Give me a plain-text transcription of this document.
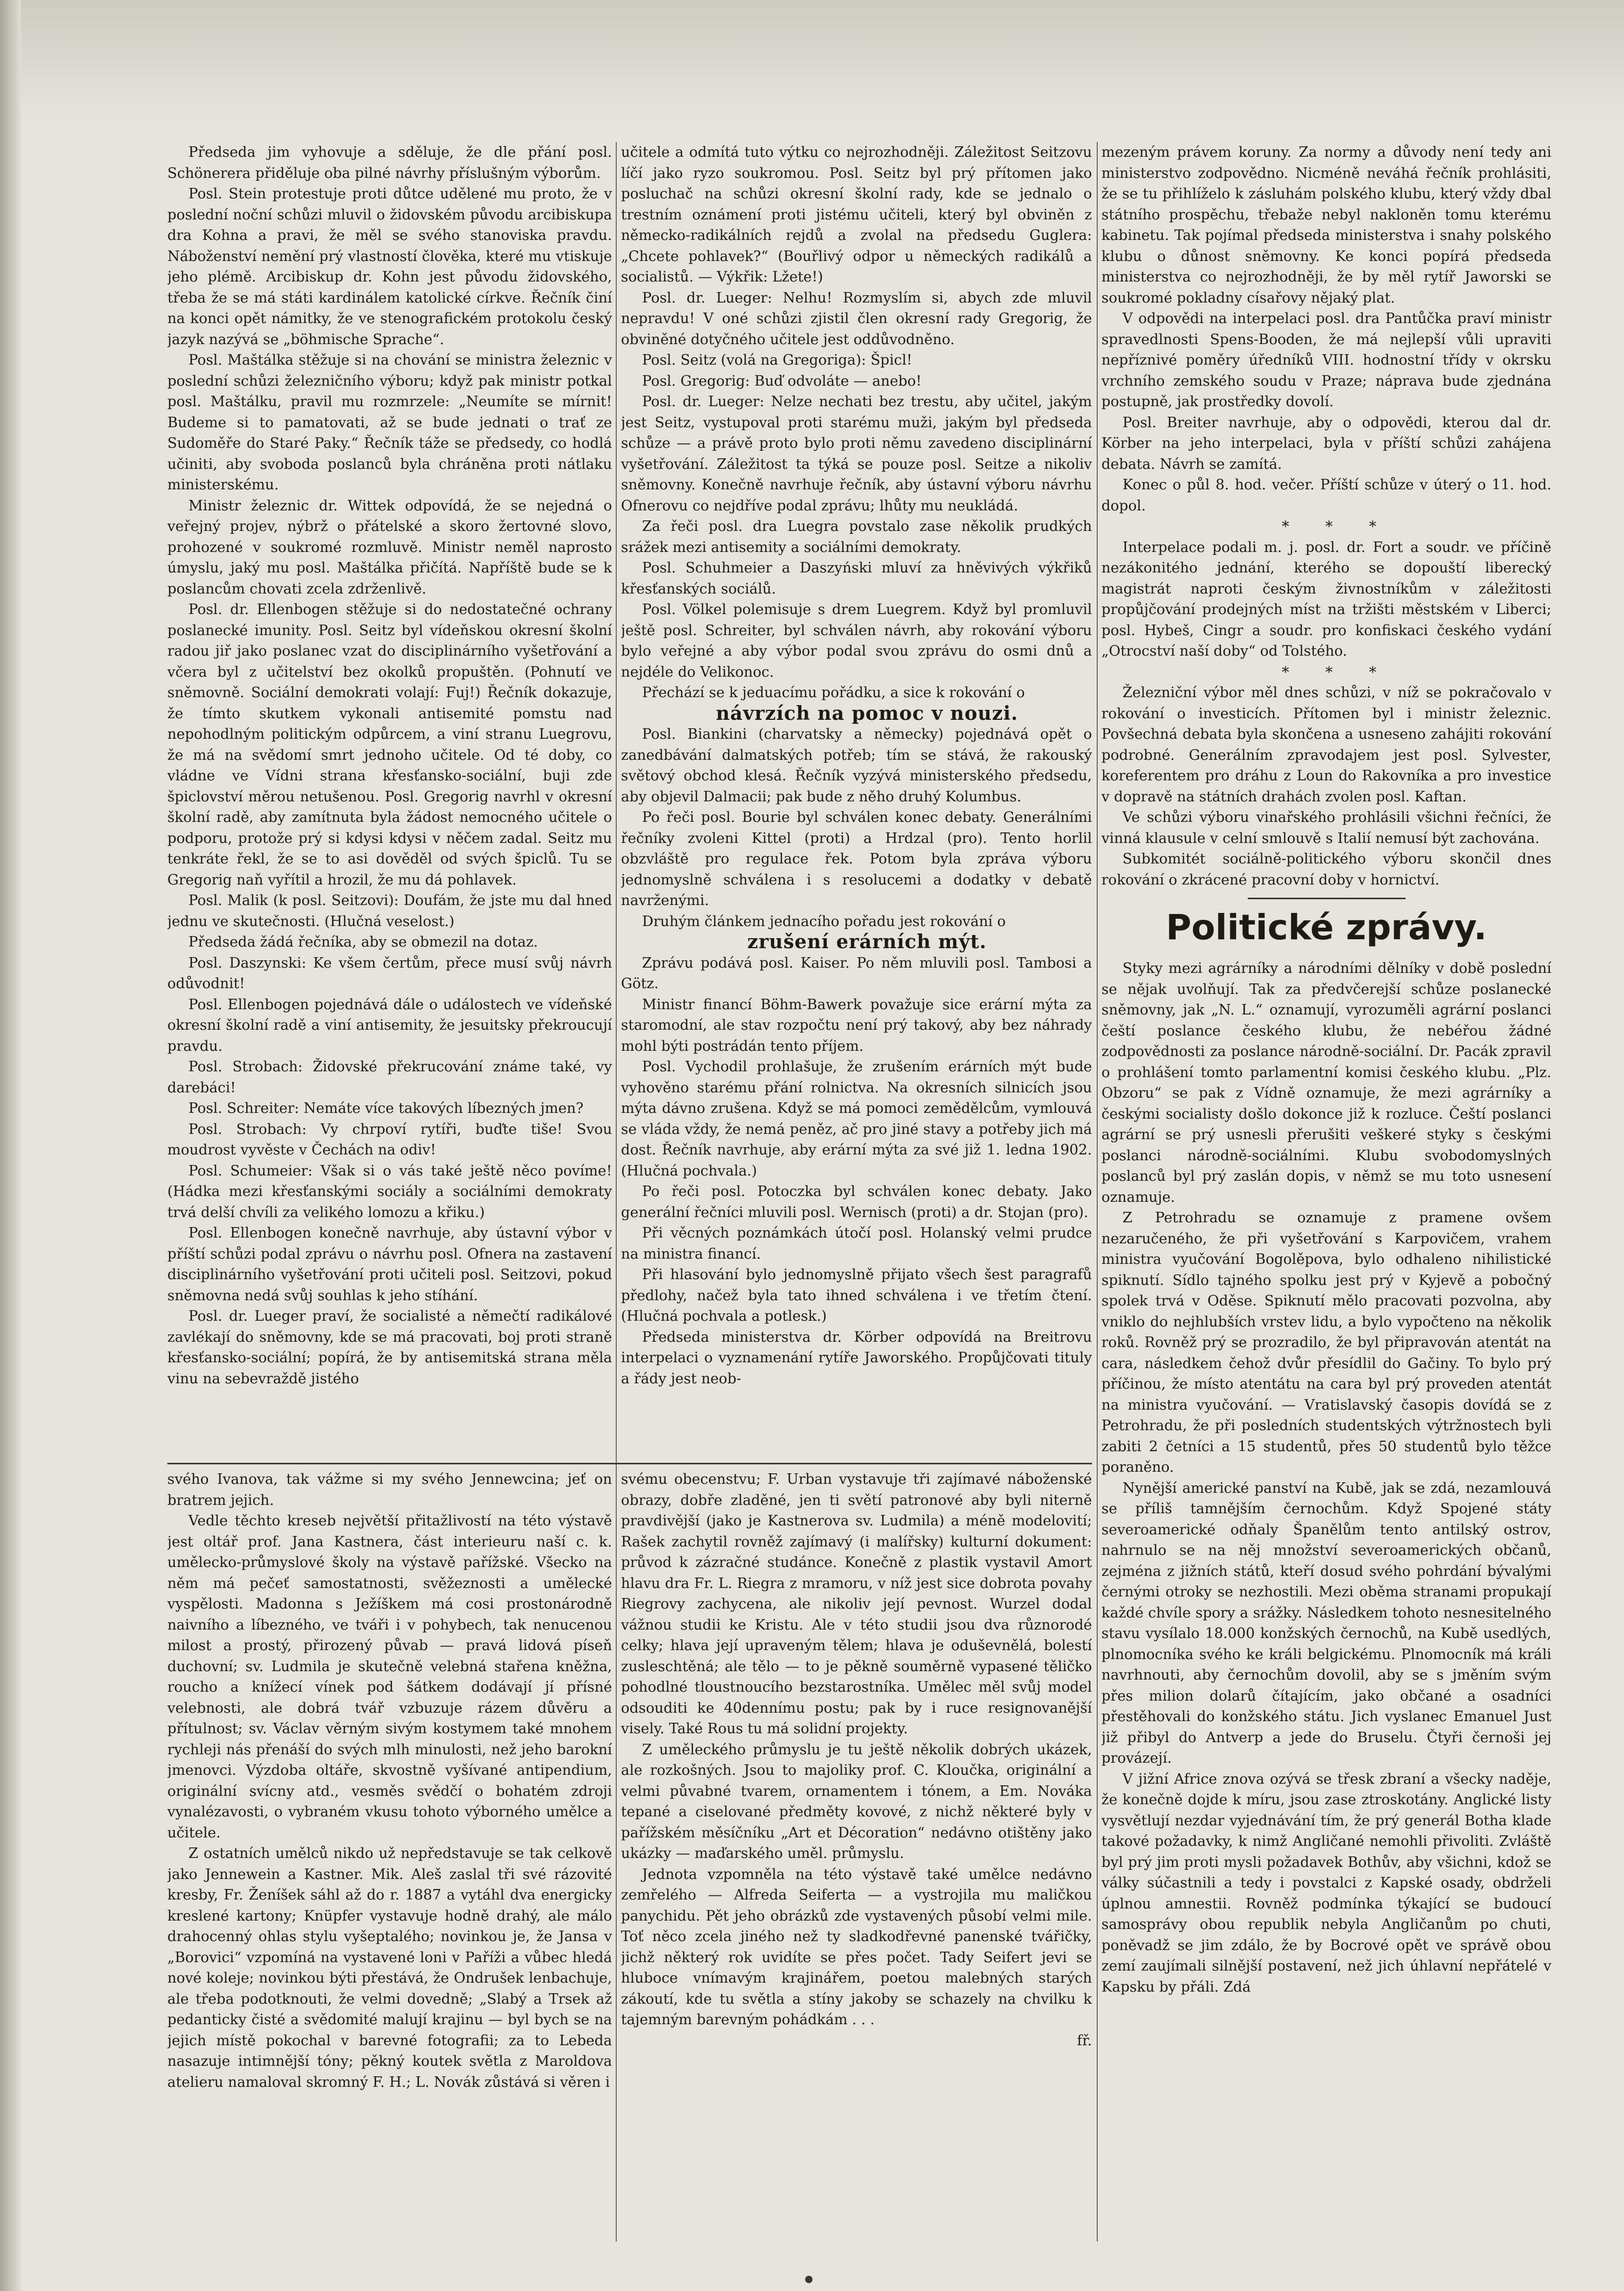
Předseda jim vyhovuje a sděluje, že dle přání posl. Schönerera přiděluje oba pilné návrhy příslušným výborům.

Posl. Stein protestuje proti důtce udělené mu proto, že v poslední noční schůzi mluvil o židovském původu arcibiskupa dra Kohna a pravi, že měl se svého stanoviska pravdu. Náboženství nemění prý vlastností člověka, které mu vtiskuje jeho plémě. Arcibiskup dr. Kohn jest původu židovského, třeba že se má státi kardinálem katolické církve. Řečník činí na konci opět námitky, že ve stenografickém protokolu český jazyk nazývá se „böhmische Sprache“.

Posl. Maštálka stěžuje si na chování se ministra železnic v poslední schůzi železničního výboru; když pak ministr potkal posl. Maštálku, pravil mu rozmrzele: „Neumíte se mírnit! Budeme si to pamatovati, až se bude jednati o trať ze Sudoměře do Staré Paky.“ Řečník táže se předsedy, co hodlá učiniti, aby svoboda poslanců byla chráněna proti nátlaku ministerskému.

Ministr železnic dr. Wittek odpovídá, že se nejedná o veřejný projev, nýbrž o přátelské a skoro žertovné slovo, prohozené v soukromé rozmluvě. Ministr neměl naprosto úmyslu, jaký mu posl. Maštálka přičítá. Napříště bude se k poslancům chovati zcela zdrženlivě.

Posl. dr. Ellenbogen stěžuje si do nedostatečné ochrany poslanecké imunity. Posl. Seitz byl vídeňskou okresní školní radou jiř jako poslanec vzat do disciplinárního vyšetřování a včera byl z učitelství bez okolků propuštěn. (Pohnutí ve sněmovně. Sociální demokrati volají: Fuj!) Řečník dokazuje, že tímto skutkem vykonali antisemité pomstu nad nepohodlným politickým odpůrcem, a viní stranu Luegrovu, že má na svědomí smrt jednoho učitele. Od té doby, co vládne ve Vídni strana křesťansko-sociální, buji zde špiclovství měrou netušenou. Posl. Gregorig navrhl v okresní školní radě, aby zamítnuta byla žádost nemocného učitele o podporu, protože prý si kdysi kdysi v něčem zadal. Seitz mu tenkráte řekl, že se to asi dověděl od svých špiclů. Tu se Gregorig naň vyřítil a hrozil, že mu dá pohlavek.

Posl. Malik (k posl. Seitzovi): Doufám, že jste mu dal hned jednu ve skutečnosti. (Hlučná veselost.)

Předseda žádá řečníka, aby se obmezil na dotaz.

Posl. Daszynski: Ke všem čertům, přece musí svůj návrh odůvodnit!

Posl. Ellenbogen pojednává dále o událostech ve vídeňské okresní školní radě a viní antisemity, že jesuitsky překroucují pravdu.

Posl. Strobach: Židovské překrucování známe také, vy darebáci!

Posl. Schreiter: Nemáte více takových líbezných jmen?

Posl. Strobach: Vy chrpoví rytíři, buďte tiše! Svou moudrost vyvěste v Čechách na odiv!

Posl. Schumeier: Však si o vás také ještě něco povíme! (Hádka mezi křesťanskými sociály a sociálními demokraty trvá delší chvíli za velikého lomozu a křiku.)

Posl. Ellenbogen konečně navrhuje, aby ústavní výbor v příští schůzi podal zprávu o návrhu posl. Ofnera na zastavení disciplinárního vyšetřování proti učiteli posl. Seitzovi, pokud sněmovna nedá svůj souhlas k jeho stíhání.

Posl. dr. Lueger praví, že socialisté a němečtí radikálové zavlékají do sněmovny, kde se má pracovati, boj proti straně křesťansko-sociální; popírá, že by antisemitská strana měla vinu na sebevraždě jistého

učitele a odmítá tuto výtku co nejrozhodněji. Záležitost Seitzovu líčí jako ryzo soukromou. Posl. Seitz byl prý přítomen jako posluchač na schůzi okresní školní rady, kde se jednalo o trestním oznámení proti jistému učiteli, který byl obviněn z německo-radikálních rejdů a zvolal na předsedu Guglera: „Chcete pohlavek?“ (Bouřlivý odpor u německých radikálů a socialistů. — Výkřik: Lžete!)

Posl. dr. Lueger: Nelhu! Rozmyslím si, abych zde mluvil nepravdu! V oné schůzi zjistil člen okresní rady Gregorig, že obviněné dotyčného učitele jest oddůvodněno.

Posl. Seitz (volá na Gregoriga): Špicl!

Posl. Gregorig: Buď odvoláte — anebo!

Posl. dr. Lueger: Nelze nechati bez trestu, aby učitel, jakým jest Seitz, vystupoval proti starému muži, jakým byl předseda schůze — a právě proto bylo proti němu zavedeno disciplinární vyšetřování. Záležitost ta týká se pouze posl. Seitze a nikoliv sněmovny. Konečně navrhuje řečník, aby ústavní výboru návrhu Ofnerovu co nejdříve podal zprávu; lhůty mu neukládá.

Za řeči posl. dra Luegra povstalo zase několik prudkých srážek mezi antisemity a sociálními demokraty.

Posl. Schuhmeier a Daszyński mluví za hněvivých výkřiků křesťanských sociálů.

Posl. Völkel polemisuje s drem Luegrem. Když byl promluvil ještě posl. Schreiter, byl schválen návrh, aby rokování výboru bylo veřejné a aby výbor podal svou zprávu do osmi dnů a nejdéle do Velikonoc.

Přechází se k jeduacímu pořádku, a sice k rokování o

návrzích na pomoc v nouzi.

Posl. Biankini (charvatsky a německy) pojednává opět o zanedbávání dalmatských potřeb; tím se stává, že rakouský světový obchod klesá. Řečník vyzývá ministerského předsedu, aby objevil Dalmacii; pak bude z něho druhý Kolumbus.

Po řeči posl. Bouriе byl schválen konec debaty. Generálními řečníky zvoleni Kittel (proti) a Hrdzal (pro). Tento horlil obzvláště pro regulace řek. Potom byla zpráva výboru jednomyslně schválena i s resolucemi a dodatky v debatě navrženými.

Druhým článkem jednacího pořadu jest rokování o

zrušení erárních mýt.

Zprávu podává posl. Kaiser. Po něm mluvili posl. Tambosi a Götz.

Ministr financí Böhm-Bawerk považuje sice erární mýta za staromodní, ale stav rozpočtu není prý takový, aby bez náhrady mohl býti postrádán tento příjem.

Posl. Vychodil prohlašuje, že zrušením erárních mýt bude vyhověno starému přání rolnictva. Na okresních silnicích jsou mýta dávno zrušena. Když se má pomoci zemědělcům, vymlouvá se vláda vždy, že nemá peněz, ač pro jiné stavy a potřeby jich má dost. Řečník navrhuje, aby erární mýta za své již 1. ledna 1902. (Hlučná pochvala.)

Po řeči posl. Potoczka byl schválen konec debaty. Jako generální řečníci mluvili posl. Wernisch (proti) a dr. Stojan (pro).

Při věcných poznámkách útočí posl. Holanský velmi prudce na ministra financí.

Při hlasování bylo jednomyslně přijato všech šest paragrafů předlohy, načež byla tato ihned schválena i ve třetím čtení. (Hlučná pochvala a potlesk.)

Předseda ministerstva dr. Körber odpovídá na Breitrovu interpelaci o vyznamenání rytíře Jaworského. Propůjčovati tituly a řády jest neob-

mezeným právem koruny. Za normy a důvody není tedy ani ministerstvo zodpovědno. Nicméně neváhá řečník prohlásiti, že se tu přihlíželo k zásluhám polského klubu, který vždy dbal státního prospěchu, třebaže nebyl nakloněn tomu kterému kabinetu. Tak pojímal předseda ministerstva i snahy polského klubu o důnost sněmovny. Ke konci popírá předseda ministerstva co nejrozhodněji, že by měl rytíř Jaworski se soukromé pokladny císařovy nějaký plat.

V odpovědi na interpelaci posl. dra Pantůčka praví ministr spravedlnosti Spens-Booden, že má nejlepší vůli upraviti nepříznivé poměry úředníků VIII. hodnostní třídy v okrsku vrchního zemského soudu v Praze; náprava bude zjednána postupně, jak prostředky dovolí.

Posl. Breiter navrhuje, aby o odpovědi, kterou dal dr. Körber na jeho interpelaci, byla v příští schůzi zahájena debata. Návrh se zamítá.

Konec o půl 8. hod. večer. Příští schůze v úterý o 11. hod. dopol.

* * *

Interpelace podali m. j. posl. dr. Fort a soudr. ve příčině nezákonitého jednání, kterého se dopouští liberecký magistrát naproti českým živnostníkům v záležitosti propůjčování prodejných míst na tržišti městském v Liberci; posl. Hybeš, Cingr a soudr. pro konfiskaci českého vydání „Otrocství naší doby“ od Tolstého.

* * *

Železniční výbor měl dnes schůzi, v níž se pokračovalo v rokování o investicích. Přítomen byl i ministr železnic. Povšechná debata byla skončena a usneseno zahájiti rokování podrobné. Generálním zpravodajem jest posl. Sylvester, koreferentem pro dráhu z Loun do Rakovníka a pro investice v dopravě na státních drahách zvolen posl. Kaftan.

Ve schůzi výboru vinařského prohlásili všichni řečníci, že vinná klausule v celní smlouvě s Italií nemusí být zachována.

Subkomitét sociálně-politického výboru skončil dnes rokování o zkrácené pracovní doby v hornictví.

Politické zprávy.

Styky mezi agrárníky a národními dělníky v době poslední se nějak uvolňují. Tak za předvčerejší schůze poslanecké sněmovny, jak „N. L.“ oznamují, vyrozuměli agrární poslanci čeští poslance českého klubu, že nebéřou žádné zodpovědnosti za poslance národně-sociální. Dr. Pacák zpravil o prohlášení tomto parlamentní komisi českého klubu. „Plz. Obzoru“ se pak z Vídně oznamuje, že mezi agrárníky a českými socialisty došlo dokonce již k rozluce. Čeští poslanci agrární se prý usnesli přerušiti veškeré styky s českými poslanci národně-sociálními. Klubu svobodomyslných poslanců byl prý zaslán dopis, v němž se mu toto usnesení oznamuje.

Z Petrohradu se oznamuje z pramene ovšem nezaručeného, že při vyšetřování s Karpovičem, vrahem ministra vyučování Bogolěpova, bylo odhaleno nihilistické spiknutí. Sídlo tajného spolku jest prý v Kyjevě a pobočný spolek trvá v Oděse. Spiknutí mělo pracovati pozvolna, aby vniklo do nejhlubších vrstev lidu, a bylo vypočteno na několik roků. Rovněž prý se prozradilo, že byl připravován atentát na cara, následkem čehož dvůr přesídlil do Gačiny. To bylo prý příčinou, že místo atentátu na cara byl prý proveden atentát na ministra vyučování. — Vratislavský časopis dovídá se z Petrohradu, že při posledních studentských výtržnostech byli zabiti 2 četníci a 15 studentů, přes 50 studentů bylo těžce poraněno.

Nynější americké panství na Kubě, jak se zdá, nezamlouvá se příliš tamnějším černochům. Když Spojené státy severoamerické odňaly Španělům tento antilský ostrov, nahrnulo se na něj množství severoamerických občanů, zejména z jižních států, kteří dosud svého pohrdání bývalými černými otroky se nezhostili. Mezi oběma stranami propukají každé chvíle spory a srážky. Následkem tohoto nesnesitelného stavu vysílalo 18.000 konžských černochů, na Kubě usedlých, plnomocníka svého ke králi belgickému. Plnomocník má králi navrhnouti, aby černochům dovolil, aby se s jměním svým přes milion dolarů čítajícím, jako občané a osadníci přestěhovali do konžského státu. Jich vyslanec Emanuel Just již přibyl do Antverp a jede do Bruselu. Čtyři černoši jej provázejí.

V jižní Africe znova ozývá se třesk zbraní a všecky naděje, že konečně dojde k míru, jsou zase ztroskotány. Anglické listy vysvětlují nezdar vyjednávání tím, že prý generál Botha klade takové požadavky, k nimž Angličané nemohli přivoliti. Zvláště byl prý jim proti mysli požadavek Bothův, aby všichni, kdož se války súčastnili a tedy i povstalci z Kapské osady, obdrželi úplnou amnestii. Rovněž podmínka týkající se budoucí samosprávy obou republik nebyla Angličanům po chuti, poněvadž se jim zdálo, že by Bocrové opět ve správě obou zemí zaujímali silnější postavení, než jich úhlavní nepřátelé v Kapsku by přáli. Zdá

svého Ivanova, tak vážme si my svého Jennewcina; jeť on bratrem jejich.

Vedle těchto kreseb největší přitažlivostí na této výstavě jest oltář prof. Jana Kastnera, část interieuru naší c. k. umělecko-průmyslové školy na výstavě pařížské. Všecko na něm má pečeť samostatnosti, svěžeznosti a umělecké vyspělosti. Madonna s Ježíškem má cosi prostonárodně naivního a líbezného, ve tváři i v pohybech, tak nenucenou milost a prostý, přirozený půvab — pravá lidová píseň duchovní; sv. Ludmila je skutečně velebná stařena kněžna, roucho a knížecí vínek pod šátkem dodávají jí přísné velebnosti, ale dobrá tvář vzbuzuje rázem důvěru a přítulnost; sv. Václav věrným sivým kostymem také mnohem rychleji nás přenáší do svých mlh minulosti, než jeho barokní jmenovci. Výzdoba oltáře, skvostně vyšívané antipendium, originální svícny atd., vesměs svědčí o bohatém zdroji vynalézavosti, o vybraném vkusu tohoto výborného umělce a učitele.

Z ostatních umělců nikdo už nepředstavuje se tak celkově jako Jennewein a Kastner. Mik. Aleš zaslal tři své rázovité kresby, Fr. Ženíšek sáhl až do r. 1887 a vytáhl dva energicky kreslené kartony; Knüpfer vystavuje hodně drahý, ale málo drahocenný ohlas stylu vyšeptalého; novinkou je, že Jansa v „Borovici“ vzpomíná na vystavené loni v Paříži a vůbec hledá nové koleje; novinkou býti přestává, že Ondrušek lenbachuje, ale třeba podotknouti, že velmi dovedně; „Slabý a Trsek až pedanticky čisté a svědomité malují krajinu — byl bych se na jejich místě pokochal v barevné fotografii; za to Lebeda nasazuje intimnější tóny; pěkný koutek světla z Maroldova atelieru namaloval skromný F. H.; L. Novák zůstává si věren i

svému obecenstvu; F. Urban vystavuje tři zajímavé náboženské obrazy, dobře zladěné, jen ti světí patronové aby byli niterně pravdivější (jako je Kastnerova sv. Ludmila) a méně modelovití; Rašek zachytil rovněž zajímavý (i malířsky) kulturní dokument: průvod k zázračné studánce. Konečně z plastik vystavil Amort hlavu dra Fr. L. Riegra z mramoru, v níž jest sice dobrota povahy Riegrovy zachycena, ale nikoliv její pevnost. Wurzel dodal vážnou studii ke Kristu. Ale v této studii jsou dva různorodé celky; hlava její upraveným tělem; hlava je oduševnělá, bolestí zusleschtěná; ale tělo — to je pěkně souměrně vypasené těličko pohodlné tloustnoucího bezstarostníka. Umělec měl svůj model odsouditi ke 40dennímu postu; pak by i ruce resignovanější visely. Také Rous tu má solidní projekty.

Z uměleckého průmyslu je tu ještě několik dobrých ukázek, ale rozkošných. Jsou to majoliky prof. C. Kloučka, originální a velmi půvabné tvarem, ornamentem i tónem, a Em. Nováka tepané a ciselované předměty kovové, z nichž některé byly v pařížském měsíčníku „Art et Décoration“ nedávno otištěny jako ukázky — maďarského uměl. průmyslu.

Jednota vzpomněla na této výstavě také umělce nedávno zemřelého — Alfreda Seiferta — a vystrojila mu maličkou panychidu. Pět jeho obrázků zde vystavených působí velmi mile. Toť něco zcela jiného než ty sladkodřevné panenské tvářičky, jichž některý rok uvidíte se přes počet. Tady Seifert jevi se hluboce vnímavým krajinářem, poetou malebných starých zákoutí, kde tu světla a stíny jakoby se schazely na chvilku k tajemným barevným pohádkám . . .

fř.
